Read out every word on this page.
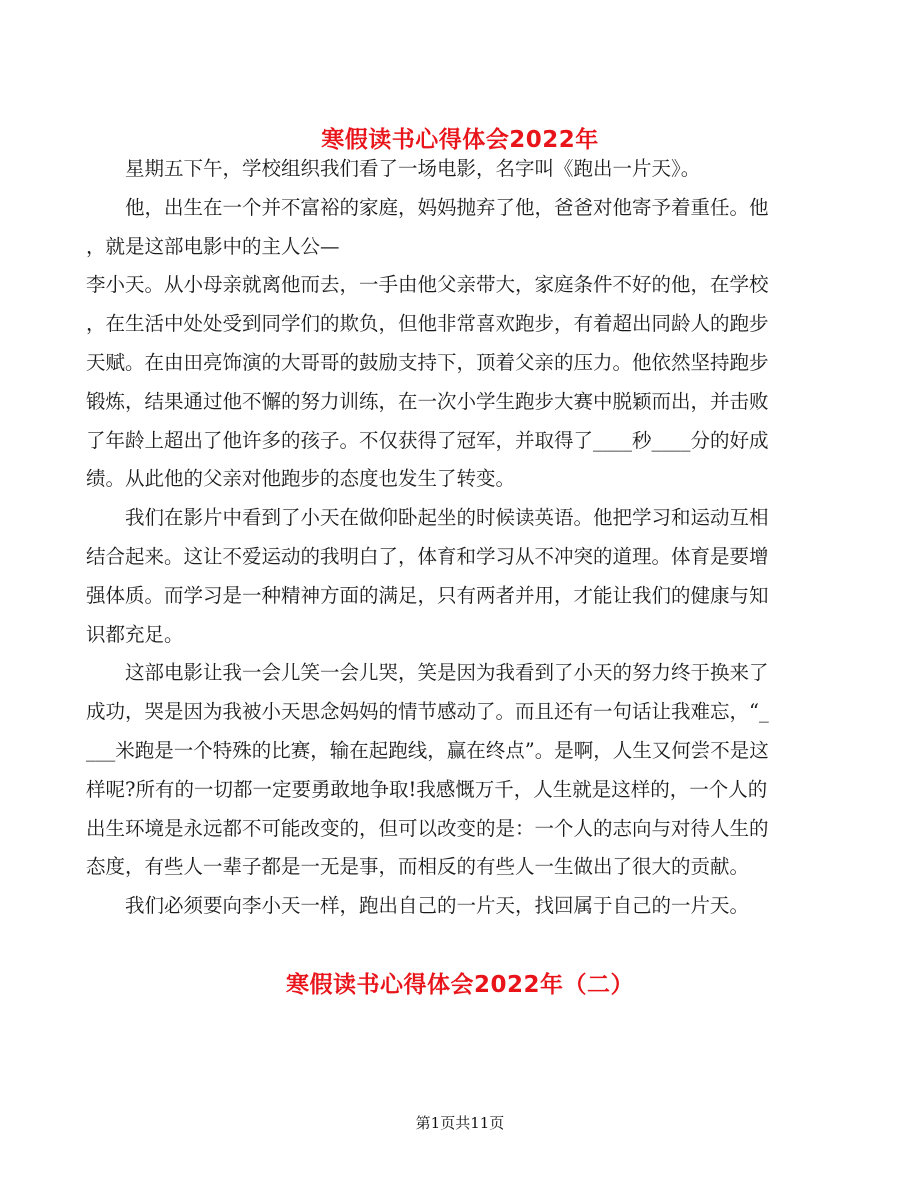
寒假读书心得体会2022年

星期五下午，学校组织我们看了一场电影，名字叫《跑出一片天》。

他，出生在一个并不富裕的家庭，妈妈抛弃了他，爸爸对他寄予着重任。他

，就是这部电影中的主人公—

李小天。从小母亲就离他而去，一手由他父亲带大，家庭条件不好的他，在学校

，在生活中处处受到同学们的欺负，但他非常喜欢跑步，有着超出同龄人的跑步

天赋。在由田亮饰演的大哥哥的鼓励支持下，顶着父亲的压力。他依然坚持跑步

锻炼，结果通过他不懈的努力训练，在一次小学生跑步大赛中脱颖而出，并击败

了年龄上超出了他许多的孩子。不仅获得了冠军，并取得了____秒____分的好成

绩。从此他的父亲对他跑步的态度也发生了转变。

我们在影片中看到了小天在做仰卧起坐的时候读英语。他把学习和运动互相

结合起来。这让不爱运动的我明白了，体育和学习从不冲突的道理。体育是要增

强体质。而学习是一种精神方面的满足，只有两者并用，才能让我们的健康与知

识都充足。

这部电影让我一会儿笑一会儿哭，笑是因为我看到了小天的努力终于换来了

成功，哭是因为我被小天思念妈妈的情节感动了。而且还有一句话让我难忘，“_

___米跑是一个特殊的比赛，输在起跑线，赢在终点”。是啊，人生又何尝不是这

样呢?所有的一切都一定要勇敢地争取!我感慨万千，人生就是这样的，一个人的

出生环境是永远都不可能改变的，但可以改变的是：一个人的志向与对待人生的

态度，有些人一辈子都是一无是事，而相反的有些人一生做出了很大的贡献。

我们必须要向李小天一样，跑出自己的一片天，找回属于自己的一片天。

寒假读书心得体会2022年（二）
第1页共11页
